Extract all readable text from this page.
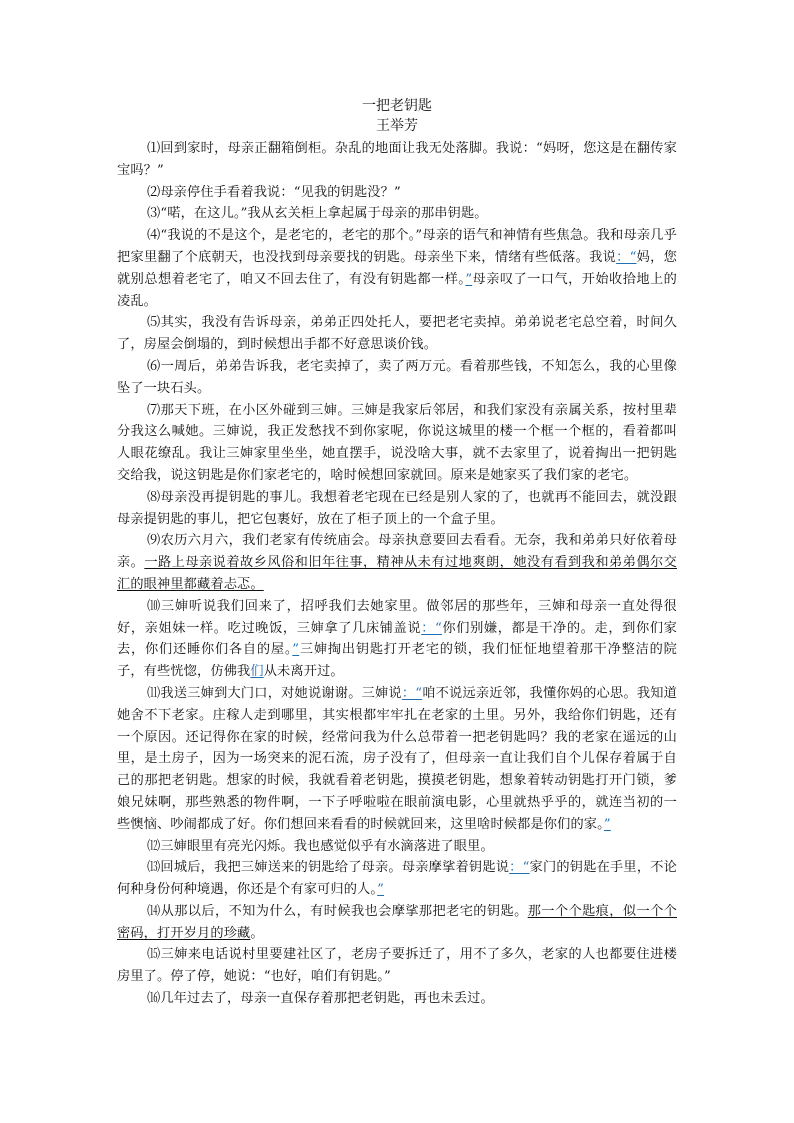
一把老钥匙

王举芳

⑴回到家时，母亲正翻箱倒柜。杂乱的地面让我无处落脚。我说：“妈呀，您这是在翻传家宝吗？”

⑵母亲停住手看着我说：“见我的钥匙没？”

⑶“喏，在这儿。”我从玄关柜上拿起属于母亲的那串钥匙。

⑷“我说的不是这个，是老宅的，老宅的那个。”母亲的语气和神情有些焦急。我和母亲几乎把家里翻了个底朝天，也没找到母亲要找的钥匙。母亲坐下来，情绪有些低落。我说：“妈，您就别总想着老宅了，咱又不回去住了，有没有钥匙都一样。”母亲叹了一口气，开始收拾地上的凌乱。

⑸其实，我没有告诉母亲，弟弟正四处托人，要把老宅卖掉。弟弟说老宅总空着，时间久了，房屋会倒塌的，到时候想出手都不好意思谈价钱。

⑹一周后，弟弟告诉我，老宅卖掉了，卖了两万元。看着那些钱，不知怎么，我的心里像坠了一块石头。

⑺那天下班，在小区外碰到三婶。三婶是我家后邻居，和我们家没有亲属关系，按村里辈分我这么喊她。三婶说，我正发愁找不到你家呢，你说这城里的楼一个框一个框的，看着都叫人眼花缭乱。我让三婶家里坐坐，她直摆手，说没啥大事，就不去家里了，说着掏出一把钥匙交给我，说这钥匙是你们家老宅的，啥时候想回家就回。原来是她家买了我们家的老宅。

⑻母亲没再提钥匙的事儿。我想着老宅现在已经是别人家的了，也就再不能回去，就没跟母亲提钥匙的事儿，把它包裹好，放在了柜子顶上的一个盒子里。

⑼农历六月六，我们老家有传统庙会。母亲执意要回去看看。无奈，我和弟弟只好依着母亲。一路上母亲说着故乡风俗和旧年往事，精神从未有过地爽朗，她没有看到我和弟弟偶尔交汇的眼神里都藏着忐忑。

⑽三婶听说我们回来了，招呼我们去她家里。做邻居的那些年，三婶和母亲一直处得很好，亲姐妹一样。吃过晚饭，三婶拿了几床铺盖说：“你们别嫌，都是干净的。走，到你们家去，你们还睡你们各自的屋。”三婶掏出钥匙打开老宅的锁，我们怔怔地望着那干净整洁的院子，有些恍惚，仿佛我们从未离开过。

⑾我送三婶到大门口，对她说谢谢。三婶说：“咱不说远亲近邻，我懂你妈的心思。我知道她舍不下老家。庄稼人走到哪里，其实根都牢牢扎在老家的土里。另外，我给你们钥匙，还有一个原因。还记得你在家的时候，经常问我为什么总带着一把老钥匙吗？我的老家在遥远的山里，是土房子，因为一场突来的泥石流，房子没有了，但母亲一直让我们自个儿保存着属于自己的那把老钥匙。想家的时候，我就看着老钥匙，摸摸老钥匙，想象着转动钥匙打开门锁，爹娘兄妹啊，那些熟悉的物件啊，一下子呼啦啦在眼前演电影，心里就热乎乎的，就连当初的一些懊恼、吵闹都成了好。你们想回来看看的时候就回来，这里啥时候都是你们的家。”

⑿三婶眼里有亮光闪烁。我也感觉似乎有水滴落进了眼里。

⒀回城后，我把三婶送来的钥匙给了母亲。母亲摩挲着钥匙说：“家门的钥匙在手里，不论何种身份何种境遇，你还是个有家可归的人。”

⒁从那以后，不知为什么，有时候我也会摩挲那把老宅的钥匙。那一个个匙痕，似一个个密码，打开岁月的珍藏。

⒂三婶来电话说村里要建社区了，老房子要拆迁了，用不了多久，老家的人也都要住进楼房里了。停了停，她说：“也好，咱们有钥匙。”

⒃几年过去了，母亲一直保存着那把老钥匙，再也未丢过。
